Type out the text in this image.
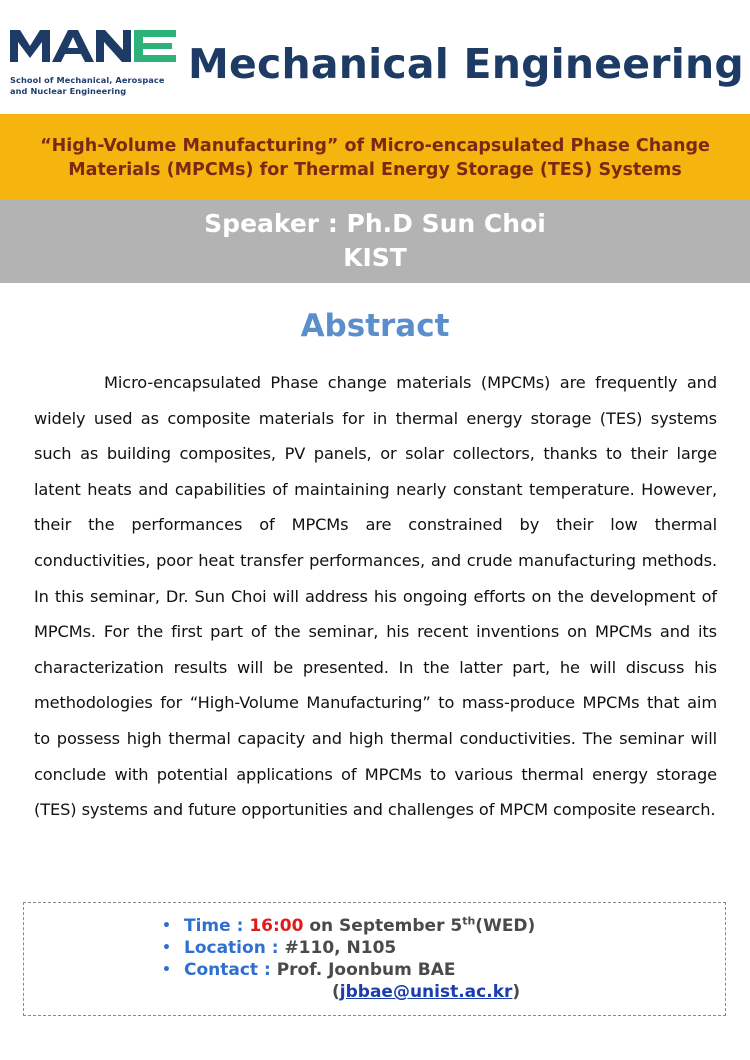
School of Mechanical, Aerospace
and Nuclear Engineering
Mechanical Engineering
“High-Volume Manufacturing” of Micro-encapsulated Phase Change
Materials (MPCMs) for Thermal Energy Storage (TES) Systems
Speaker : Ph.D Sun Choi
KIST
Abstract
Micro-encapsulated Phase change materials (MPCMs) are frequently and widely used as composite materials for in thermal energy storage (TES) systems such as building composites, PV panels, or solar collectors, thanks to their large latent heats and capabilities of maintaining nearly constant temperature. However, their the performances of MPCMs are constrained by their low thermal conductivities, poor heat transfer performances, and crude manufacturing methods. In this seminar, Dr. Sun Choi will address his ongoing efforts on the development of MPCMs. For the first part of the seminar, his recent inventions on MPCMs and its characterization results will be presented. In the latter part, he will discuss his methodologies for “High-Volume Manufacturing” to mass-produce MPCMs that aim to possess high thermal capacity and high thermal conductivities. The seminar will conclude with potential applications of MPCMs to various thermal energy storage (TES) systems and future opportunities and challenges of MPCM composite research.
• Time : 16:00 on September 5th(WED)
• Location : #110, N105
• Contact : Prof. Joonbum BAE
(jbbae@unist.ac.kr)
